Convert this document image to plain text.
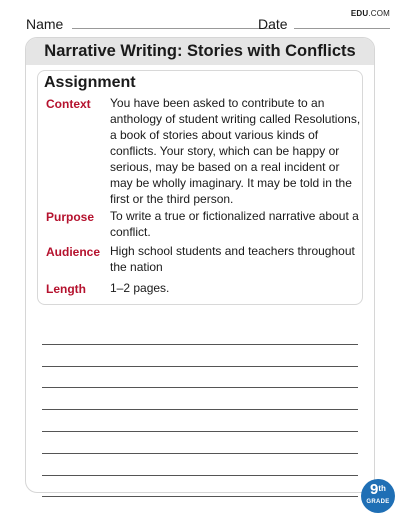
Name	Date
EDU.COM
Narrative Writing: Stories with Conflicts
Assignment
Context You have been asked to contribute to an anthology of student writing called Resolutions, a book of stories about various kinds of conflicts. Your story, which can be happy or serious, may be based on a real incident or may be wholly imaginary. It may be told in the first or the third person.
Purpose To write a true or fictionalized narrative about a conflict.
Audience High school students and teachers throughout the nation
Length 1–2 pages.
9th
GRADE
